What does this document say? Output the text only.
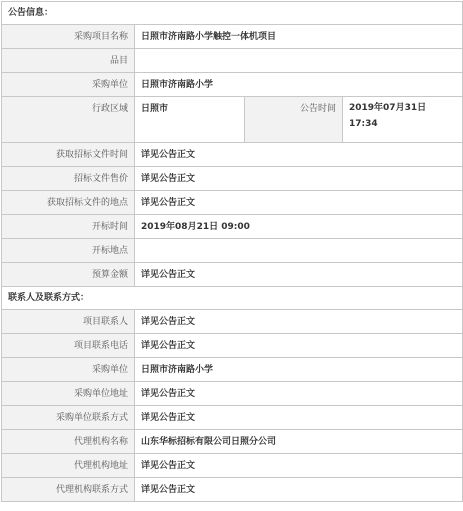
公告信息：			
采购项目名称	日照市济南路小学触控一体机项目		
品目			
采购单位	日照市济南路小学		
行政区域	日照市	公告时间	2019年07月31日 17:34
获取招标文件时间	详见公告正文		
招标文件售价	详见公告正文		
获取招标文件的地点	详见公告正文		
开标时间	2019年08月21日 09:00		
开标地点			
预算金额	详见公告正文		
联系人及联系方式：			
项目联系人	详见公告正文		
项目联系电话	详见公告正文		
采购单位	日照市济南路小学		
采购单位地址	详见公告正文		
采购单位联系方式	详见公告正文		
代理机构名称	山东华标招标有限公司日照分公司		
代理机构地址	详见公告正文		
代理机构联系方式	详见公告正文		
